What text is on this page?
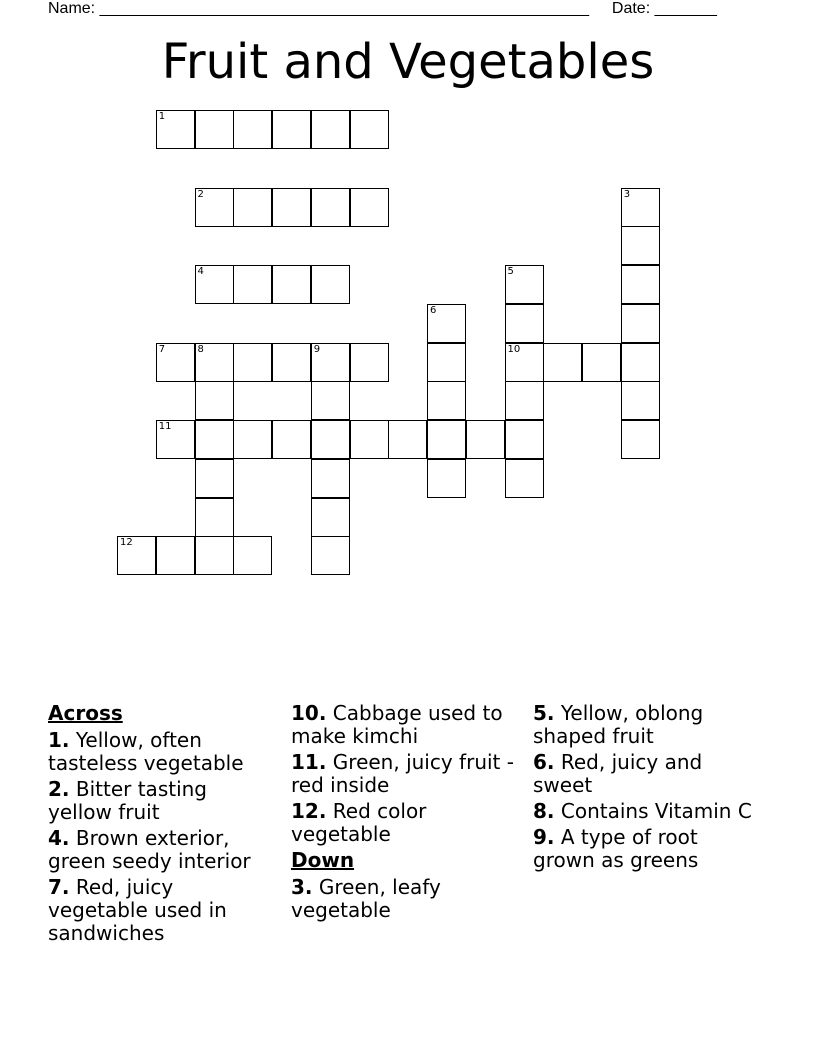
Name: _______________________________________________________ Date: _______
Fruit and Vegetables
1
2
4
7	8	9	10
11
12
3
5
6
Across
1. Yellow, often tasteless vegetable
2. Bitter tasting yellow fruit
4. Brown exterior, green seedy interior
7. Red, juicy vegetable used in sandwiches
10. Cabbage used to make kimchi
11. Green, juicy fruit - red inside
12. Red color vegetable
Down
3. Green, leafy vegetable
5. Yellow, oblong shaped fruit
6. Red, juicy and sweet
8. Contains Vitamin C
9. A type of root grown as greens
